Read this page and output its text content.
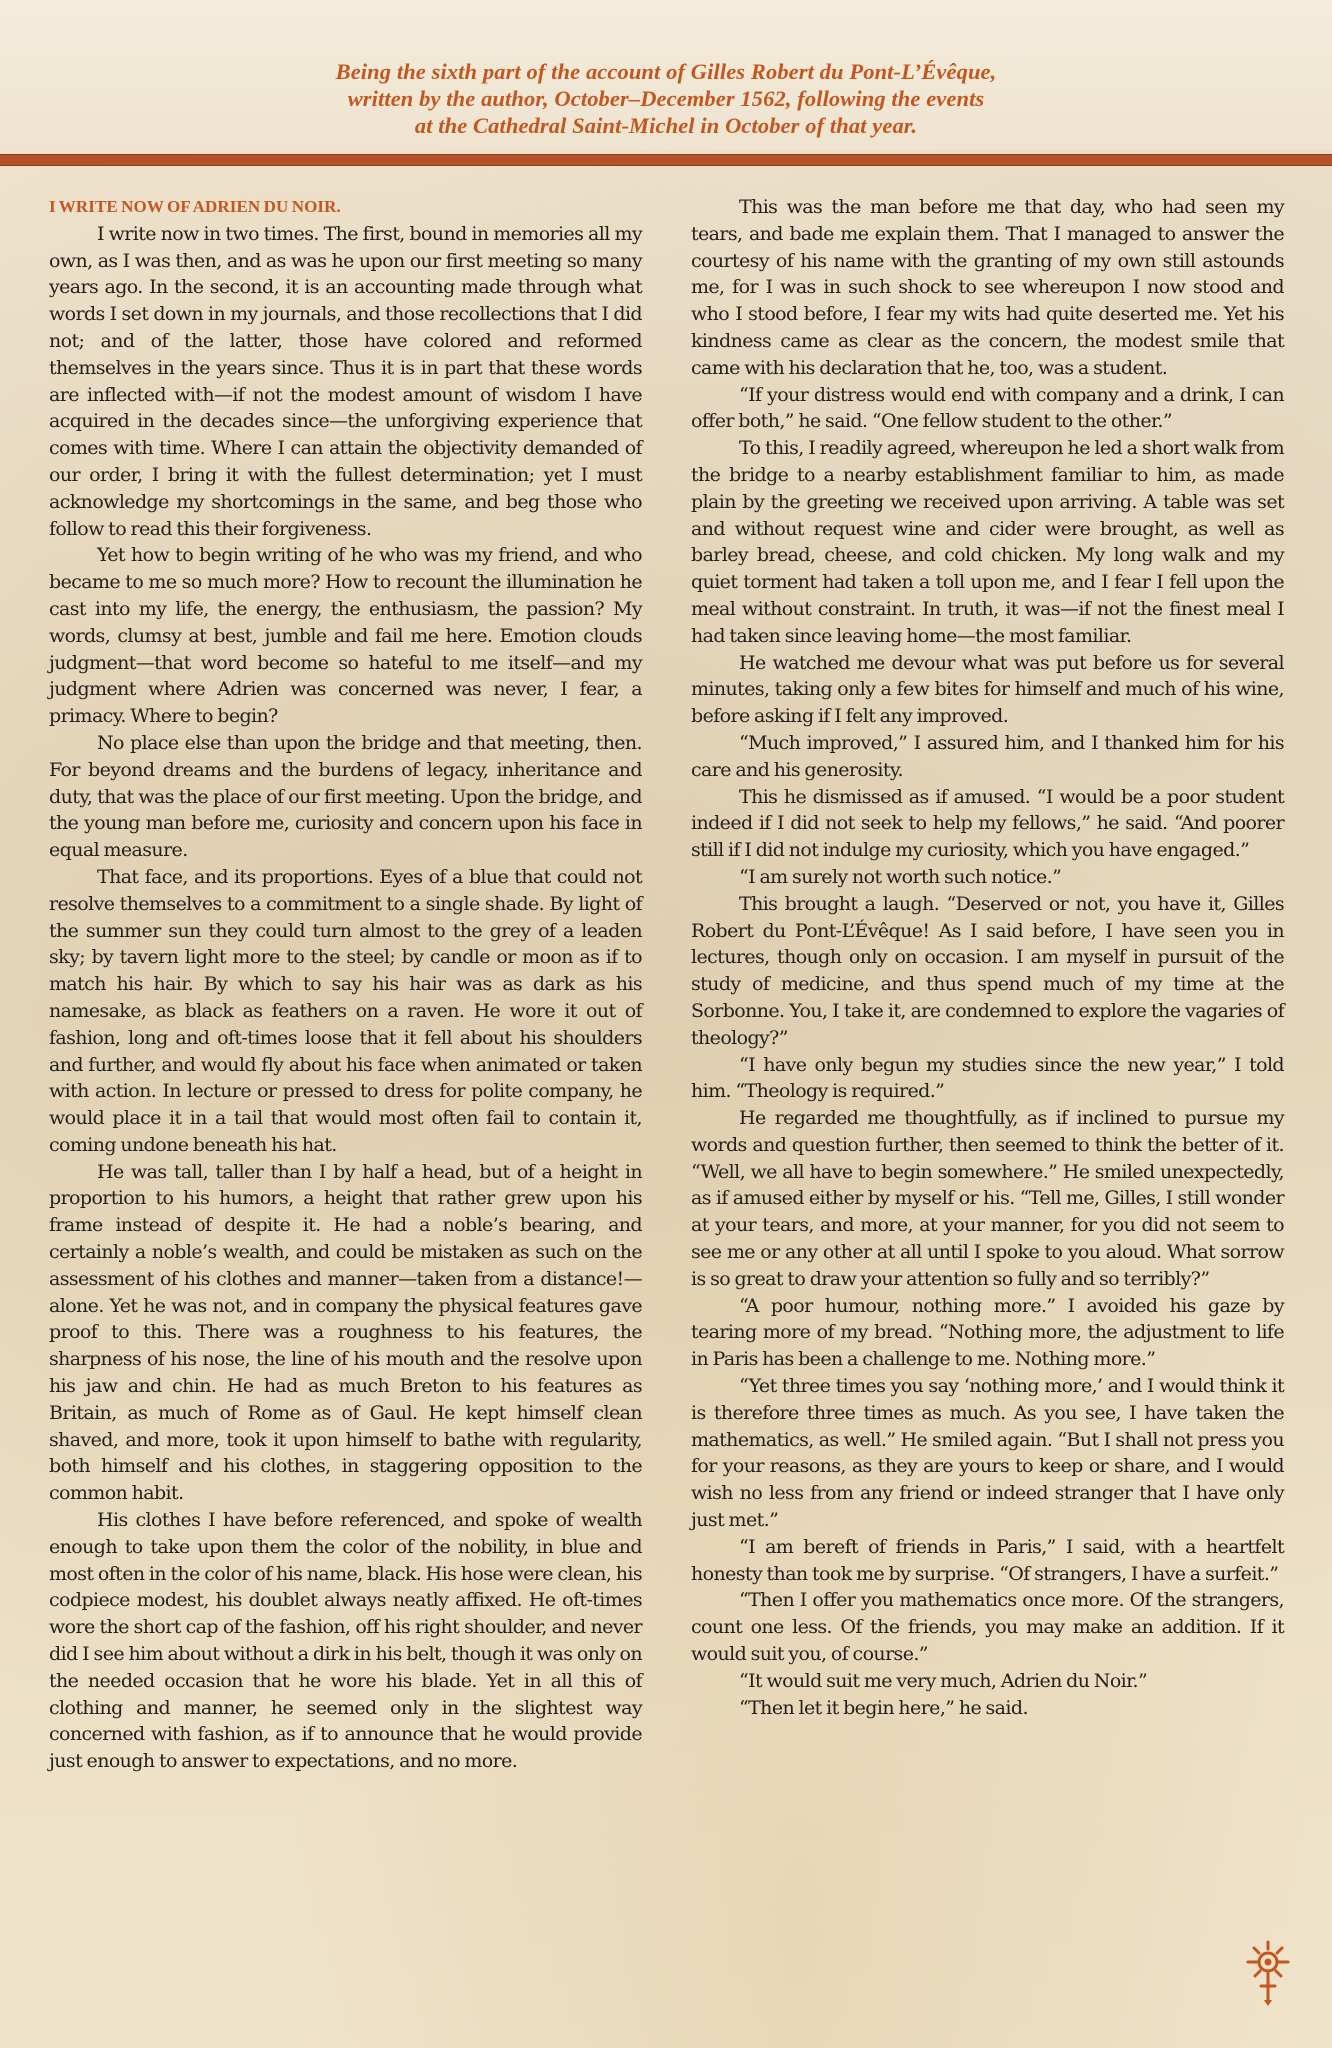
Being the sixth part of the account of Gilles Robert du Pont-L’Évêque,
written by the author, October–December 1562, following the events
at the Cathedral Saint-Michel in October of that year.
I WRITE NOW OF ADRIEN DU NOIR.

I write now in two times. The first, bound in memories all my own, as I was then, and as was he upon our first meeting so many years ago. In the second, it is an accounting made through what words I set down in my journals, and those recollections that I did not; and of the latter, those have colored and reformed themselves in the years since. Thus it is in part that these words are inflected with—if not the modest amount of wisdom I have acquired in the decades since—the unforgiving experience that comes with time. Where I can attain the objectivity demanded of our order, I bring it with the fullest determination; yet I must acknowledge my shortcomings in the same, and beg those who follow to read this their forgiveness.

Yet how to begin writing of he who was my friend, and who became to me so much more? How to recount the illumination he cast into my life, the energy, the enthusiasm, the passion? My words, clumsy at best, jumble and fail me here. Emotion clouds judgment—that word become so hateful to me itself—and my judgment where Adrien was concerned was never, I fear, a primacy. Where to begin?

No place else than upon the bridge and that meeting, then. For beyond dreams and the burdens of legacy, inheritance and duty, that was the place of our first meeting. Upon the bridge, and the young man before me, curiosity and concern upon his face in equal measure.

That face, and its proportions. Eyes of a blue that could not resolve themselves to a commitment to a single shade. By light of the summer sun they could turn almost to the grey of a leaden sky; by tavern light more to the steel; by candle or moon as if to match his hair. By which to say his hair was as dark as his namesake, as black as feathers on a raven. He wore it out of fashion, long and oft-times loose that it fell about his shoulders and further, and would fly about his face when animated or taken with action. In lecture or pressed to dress for polite company, he would place it in a tail that would most often fail to contain it, coming undone beneath his hat.

He was tall, taller than I by half a head, but of a height in proportion to his humors, a height that rather grew upon his frame instead of despite it. He had a noble’s bearing, and certainly a noble’s wealth, and could be mistaken as such on the assessment of his clothes and manner—taken from a distance!—alone. Yet he was not, and in company the physical features gave proof to this. There was a roughness to his features, the sharpness of his nose, the line of his mouth and the resolve upon his jaw and chin. He had as much Breton to his features as Britain, as much of Rome as of Gaul. He kept himself clean shaved, and more, took it upon himself to bathe with regularity, both himself and his clothes, in staggering opposition to the common habit.

His clothes I have before referenced, and spoke of wealth enough to take upon them the color of the nobility, in blue and most often in the color of his name, black. His hose were clean, his codpiece modest, his doublet always neatly affixed. He oft-times wore the short cap of the fashion, off his right shoulder, and never did I see him about without a dirk in his belt, though it was only on the needed occasion that he wore his blade. Yet in all this of clothing and manner, he seemed only in the slightest way concerned with fashion, as if to announce that he would provide just enough to answer to expectations, and no more.

This was the man before me that day, who had seen my tears, and bade me explain them. That I managed to answer the courtesy of his name with the granting of my own still astounds me, for I was in such shock to see whereupon I now stood and who I stood before, I fear my wits had quite deserted me. Yet his kindness came as clear as the concern, the modest smile that came with his declaration that he, too, was a student.

“If your distress would end with company and a drink, I can offer both,” he said. “One fellow student to the other.”

To this, I readily agreed, whereupon he led a short walk from the bridge to a nearby establishment familiar to him, as made plain by the greeting we received upon arriving. A table was set and without request wine and cider were brought, as well as barley bread, cheese, and cold chicken. My long walk and my quiet torment had taken a toll upon me, and I fear I fell upon the meal without constraint. In truth, it was—if not the finest meal I had taken since leaving home—the most familiar.

He watched me devour what was put before us for several minutes, taking only a few bites for himself and much of his wine, before asking if I felt any improved.

“Much improved,” I assured him, and I thanked him for his care and his generosity.

This he dismissed as if amused. “I would be a poor student indeed if I did not seek to help my fellows,” he said. “And poorer still if I did not indulge my curiosity, which you have engaged.”

“I am surely not worth such notice.”

This brought a laugh. “Deserved or not, you have it, Gilles Robert du Pont-L’Évêque! As I said before, I have seen you in lectures, though only on occasion. I am myself in pursuit of the study of medicine, and thus spend much of my time at the Sorbonne. You, I take it, are condemned to explore the vagaries of theology?”

“I have only begun my studies since the new year,” I told him. “Theology is required.”

He regarded me thoughtfully, as if inclined to pursue my words and question further, then seemed to think the better of it. “Well, we all have to begin somewhere.” He smiled unexpectedly, as if amused either by myself or his. “Tell me, Gilles, I still wonder at your tears, and more, at your manner, for you did not seem to see me or any other at all until I spoke to you aloud. What sorrow is so great to draw your attention so fully and so terribly?”

“A poor humour, nothing more.” I avoided his gaze by tearing more of my bread. “Nothing more, the adjustment to life in Paris has been a challenge to me. Nothing more.”

“Yet three times you say ‘nothing more,’ and I would think it is therefore three times as much. As you see, I have taken the mathematics, as well.” He smiled again. “But I shall not press you for your reasons, as they are yours to keep or share, and I would wish no less from any friend or indeed stranger that I have only just met.”

“I am bereft of friends in Paris,” I said, with a heartfelt honesty than took me by surprise. “Of strangers, I have a surfeit.”

“Then I offer you mathematics once more. Of the strangers, count one less. Of the friends, you may make an addition. If it would suit you, of course.”

“It would suit me very much, Adrien du Noir.”

“Then let it begin here,” he said.
